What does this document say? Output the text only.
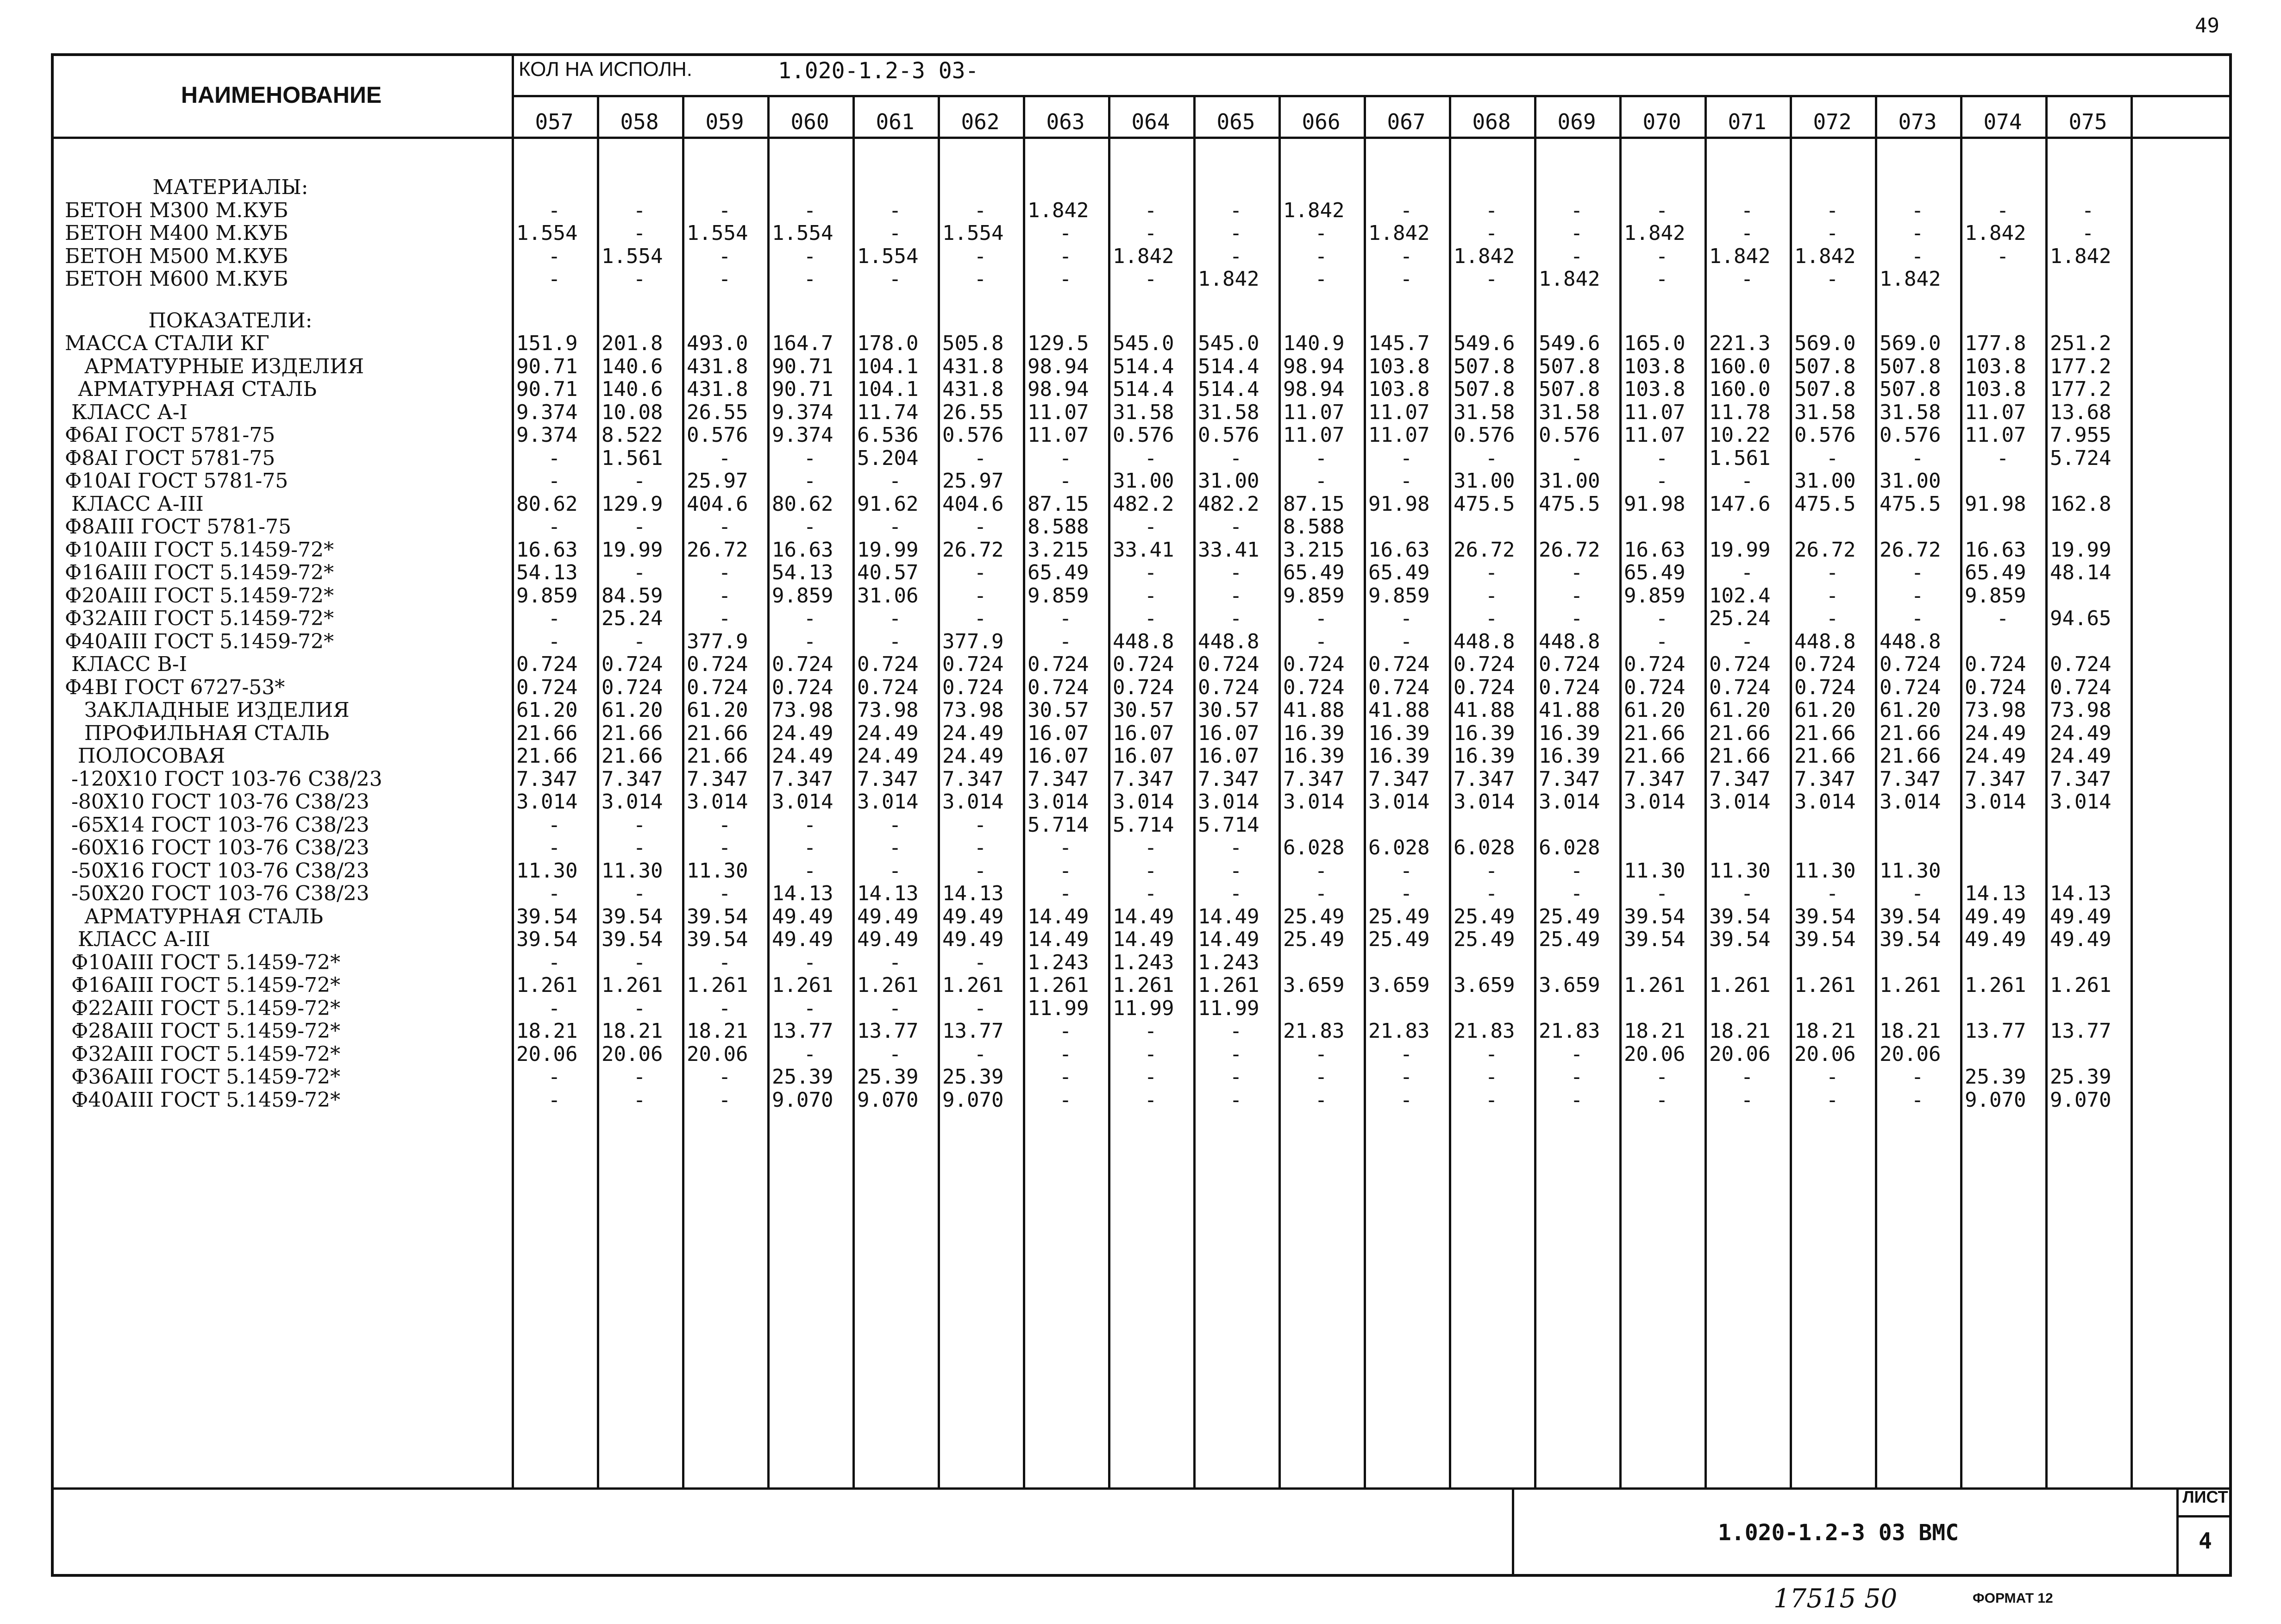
49
НАИМЕНОВАНИЕ
КОЛ НА ИСПОЛН.	1.020-1.2-3 03-
057	058	059	060	061	062	063	064	065	066	067	068	069	070	071	072	073	074	075
МАТЕРИАЛЫ:
БЕТОН М300 М.КУБ	-	-	-	-	-	-	1.842	-	-	1.842	-	-	-	-	-	-	-	-	-
БЕТОН М400 М.КУБ	1.554	-	1.554	1.554	-	1.554	-	-	-	-	1.842	-	-	1.842	-	-	-	1.842	-
БЕТОН М500 М.КУБ	-	1.554	-	-	1.554	-	-	1.842	-	-	-	1.842	-	-	1.842	1.842	-	-	1.842
БЕТОН М600 М.КУБ	-	-	-	-	-	-	-	-	1.842	-	-	-	1.842	-	-	-	1.842
ПОКАЗАТЕЛИ:
МАССА СТАЛИ КГ	151.9	201.8	493.0	164.7	178.0	505.8	129.5	545.0	545.0	140.9	145.7	549.6	549.6	165.0	221.3	569.0	569.0	177.8	251.2
АРМАТУРНЫЕ ИЗДЕЛИЯ	90.71	140.6	431.8	90.71	104.1	431.8	98.94	514.4	514.4	98.94	103.8	507.8	507.8	103.8	160.0	507.8	507.8	103.8	177.2
АРМАТУРНАЯ СТАЛЬ	90.71	140.6	431.8	90.71	104.1	431.8	98.94	514.4	514.4	98.94	103.8	507.8	507.8	103.8	160.0	507.8	507.8	103.8	177.2
КЛАСС А-I	9.374	10.08	26.55	9.374	11.74	26.55	11.07	31.58	31.58	11.07	11.07	31.58	31.58	11.07	11.78	31.58	31.58	11.07	13.68
Ф6АI ГОСТ 5781-75	9.374	8.522	0.576	9.374	6.536	0.576	11.07	0.576	0.576	11.07	11.07	0.576	0.576	11.07	10.22	0.576	0.576	11.07	7.955
Ф8АI ГОСТ 5781-75	-	1.561	-	-	5.204	-	-	-	-	-	-	-	-	-	1.561	-	-	-	5.724
Ф10АI ГОСТ 5781-75	-	-	25.97	-	-	25.97	-	31.00	31.00	-	-	31.00	31.00	-	-	31.00	31.00
КЛАСС А-III	80.62	129.9	404.6	80.62	91.62	404.6	87.15	482.2	482.2	87.15	91.98	475.5	475.5	91.98	147.6	475.5	475.5	91.98	162.8
Ф8АIII ГОСТ 5781-75	-	-	-	-	-	-	8.588	-	-	8.588
Ф10АIII ГОСТ 5.1459-72*	16.63	19.99	26.72	16.63	19.99	26.72	3.215	33.41	33.41	3.215	16.63	26.72	26.72	16.63	19.99	26.72	26.72	16.63	19.99
Ф16АIII ГОСТ 5.1459-72*	54.13	-	-	54.13	40.57	-	65.49	-	-	65.49	65.49	-	-	65.49	-	-	-	65.49	48.14
Ф20АIII ГОСТ 5.1459-72*	9.859	84.59	-	9.859	31.06	-	9.859	-	-	9.859	9.859	-	-	9.859	102.4	-	-	9.859
Ф32АIII ГОСТ 5.1459-72*	-	25.24	-	-	-	-	-	-	-	-	-	-	-	-	25.24	-	-	-	94.65
Ф40АIII ГОСТ 5.1459-72*	-	-	377.9	-	-	377.9	-	448.8	448.8	-	-	448.8	448.8	-	-	448.8	448.8
КЛАСС В-I	0.724	0.724	0.724	0.724	0.724	0.724	0.724	0.724	0.724	0.724	0.724	0.724	0.724	0.724	0.724	0.724	0.724	0.724	0.724
Ф4ВI ГОСТ 6727-53*	0.724	0.724	0.724	0.724	0.724	0.724	0.724	0.724	0.724	0.724	0.724	0.724	0.724	0.724	0.724	0.724	0.724	0.724	0.724
ЗАКЛАДНЫЕ ИЗДЕЛИЯ	61.20	61.20	61.20	73.98	73.98	73.98	30.57	30.57	30.57	41.88	41.88	41.88	41.88	61.20	61.20	61.20	61.20	73.98	73.98
ПРОФИЛЬНАЯ СТАЛЬ	21.66	21.66	21.66	24.49	24.49	24.49	16.07	16.07	16.07	16.39	16.39	16.39	16.39	21.66	21.66	21.66	21.66	24.49	24.49
ПОЛОСОВАЯ	21.66	21.66	21.66	24.49	24.49	24.49	16.07	16.07	16.07	16.39	16.39	16.39	16.39	21.66	21.66	21.66	21.66	24.49	24.49
-120X10 ГОСТ 103-76 С38/23	7.347	7.347	7.347	7.347	7.347	7.347	7.347	7.347	7.347	7.347	7.347	7.347	7.347	7.347	7.347	7.347	7.347	7.347	7.347
-80X10 ГОСТ 103-76 С38/23	3.014	3.014	3.014	3.014	3.014	3.014	3.014	3.014	3.014	3.014	3.014	3.014	3.014	3.014	3.014	3.014	3.014	3.014	3.014
-65X14 ГОСТ 103-76 С38/23	-	-	-	-	-	-	5.714	5.714	5.714
-60X16 ГОСТ 103-76 С38/23	-	-	-	-	-	-	-	-	-	6.028	6.028	6.028	6.028
-50X16 ГОСТ 103-76 С38/23	11.30	11.30	11.30	-	-	-	-	-	-	-	-	-	-	11.30	11.30	11.30	11.30
-50X20 ГОСТ 103-76 С38/23	-	-	-	14.13	14.13	14.13	-	-	-	-	-	-	-	-	-	-	-	14.13	14.13
АРМАТУРНАЯ СТАЛЬ	39.54	39.54	39.54	49.49	49.49	49.49	14.49	14.49	14.49	25.49	25.49	25.49	25.49	39.54	39.54	39.54	39.54	49.49	49.49
КЛАСС А-III	39.54	39.54	39.54	49.49	49.49	49.49	14.49	14.49	14.49	25.49	25.49	25.49	25.49	39.54	39.54	39.54	39.54	49.49	49.49
Ф10АIII ГОСТ 5.1459-72*	-	-	-	-	-	-	1.243	1.243	1.243
Ф16АIII ГОСТ 5.1459-72*	1.261	1.261	1.261	1.261	1.261	1.261	1.261	1.261	1.261	3.659	3.659	3.659	3.659	1.261	1.261	1.261	1.261	1.261	1.261
Ф22АIII ГОСТ 5.1459-72*	-	-	-	-	-	-	11.99	11.99	11.99
Ф28АIII ГОСТ 5.1459-72*	18.21	18.21	18.21	13.77	13.77	13.77	-	-	-	21.83	21.83	21.83	21.83	18.21	18.21	18.21	18.21	13.77	13.77
Ф32АIII ГОСТ 5.1459-72*	20.06	20.06	20.06	-	-	-	-	-	-	-	-	-	-	20.06	20.06	20.06	20.06
Ф36АIII ГОСТ 5.1459-72*	-	-	-	25.39	25.39	25.39	-	-	-	-	-	-	-	-	-	-	-	25.39	25.39
Ф40АIII ГОСТ 5.1459-72*	-	-	-	9.070	9.070	9.070	-	-	-	-	-	-	-	-	-	-	-	9.070	9.070
1.020-1.2-3 03 ВМС
ЛИСТ
4
17515 50	ФОРМАТ 12
